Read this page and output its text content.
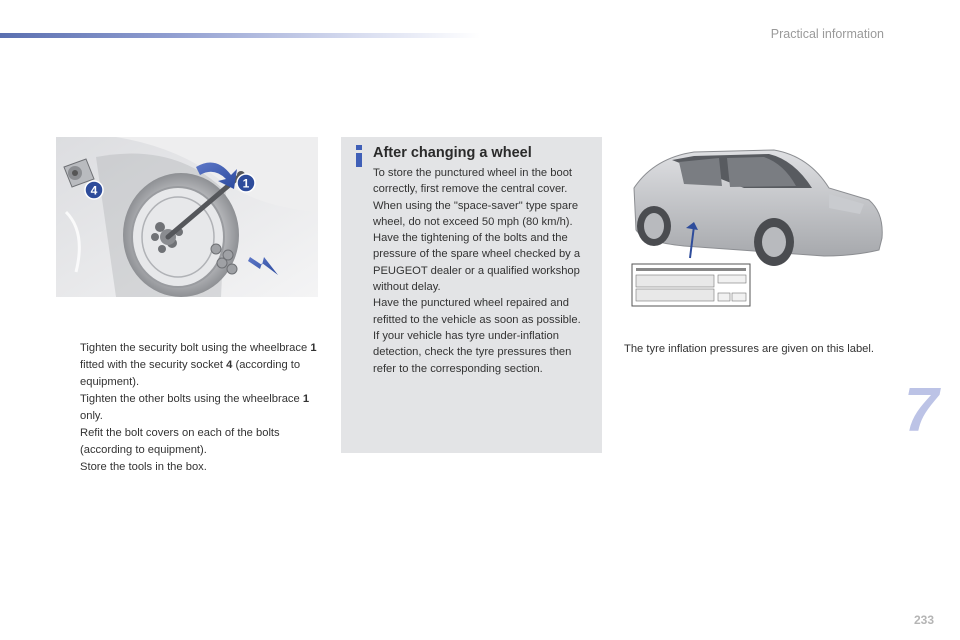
Practical information
1
4
Tighten the security bolt using the wheelbrace 1 fitted with the security socket 4 (according to equipment).
Tighten the other bolts using the wheelbrace 1 only.
Refit the bolt covers on each of the bolts (according to equipment).
Store the tools in the box.
After changing a wheel

To store the punctured wheel in the boot correctly, first remove the central cover.

When using the "space-saver" type spare wheel, do not exceed 50 mph (80 km/h).

Have the tightening of the bolts and the pressure of the spare wheel checked by a PEUGEOT dealer or a qualified workshop without delay.

Have the punctured wheel repaired and refitted to the vehicle as soon as possible.

If your vehicle has tyre under-inflation detection, check the tyre pressures then refer to the corresponding section.

The tyre inflation pressures are given on this label.
7
233
